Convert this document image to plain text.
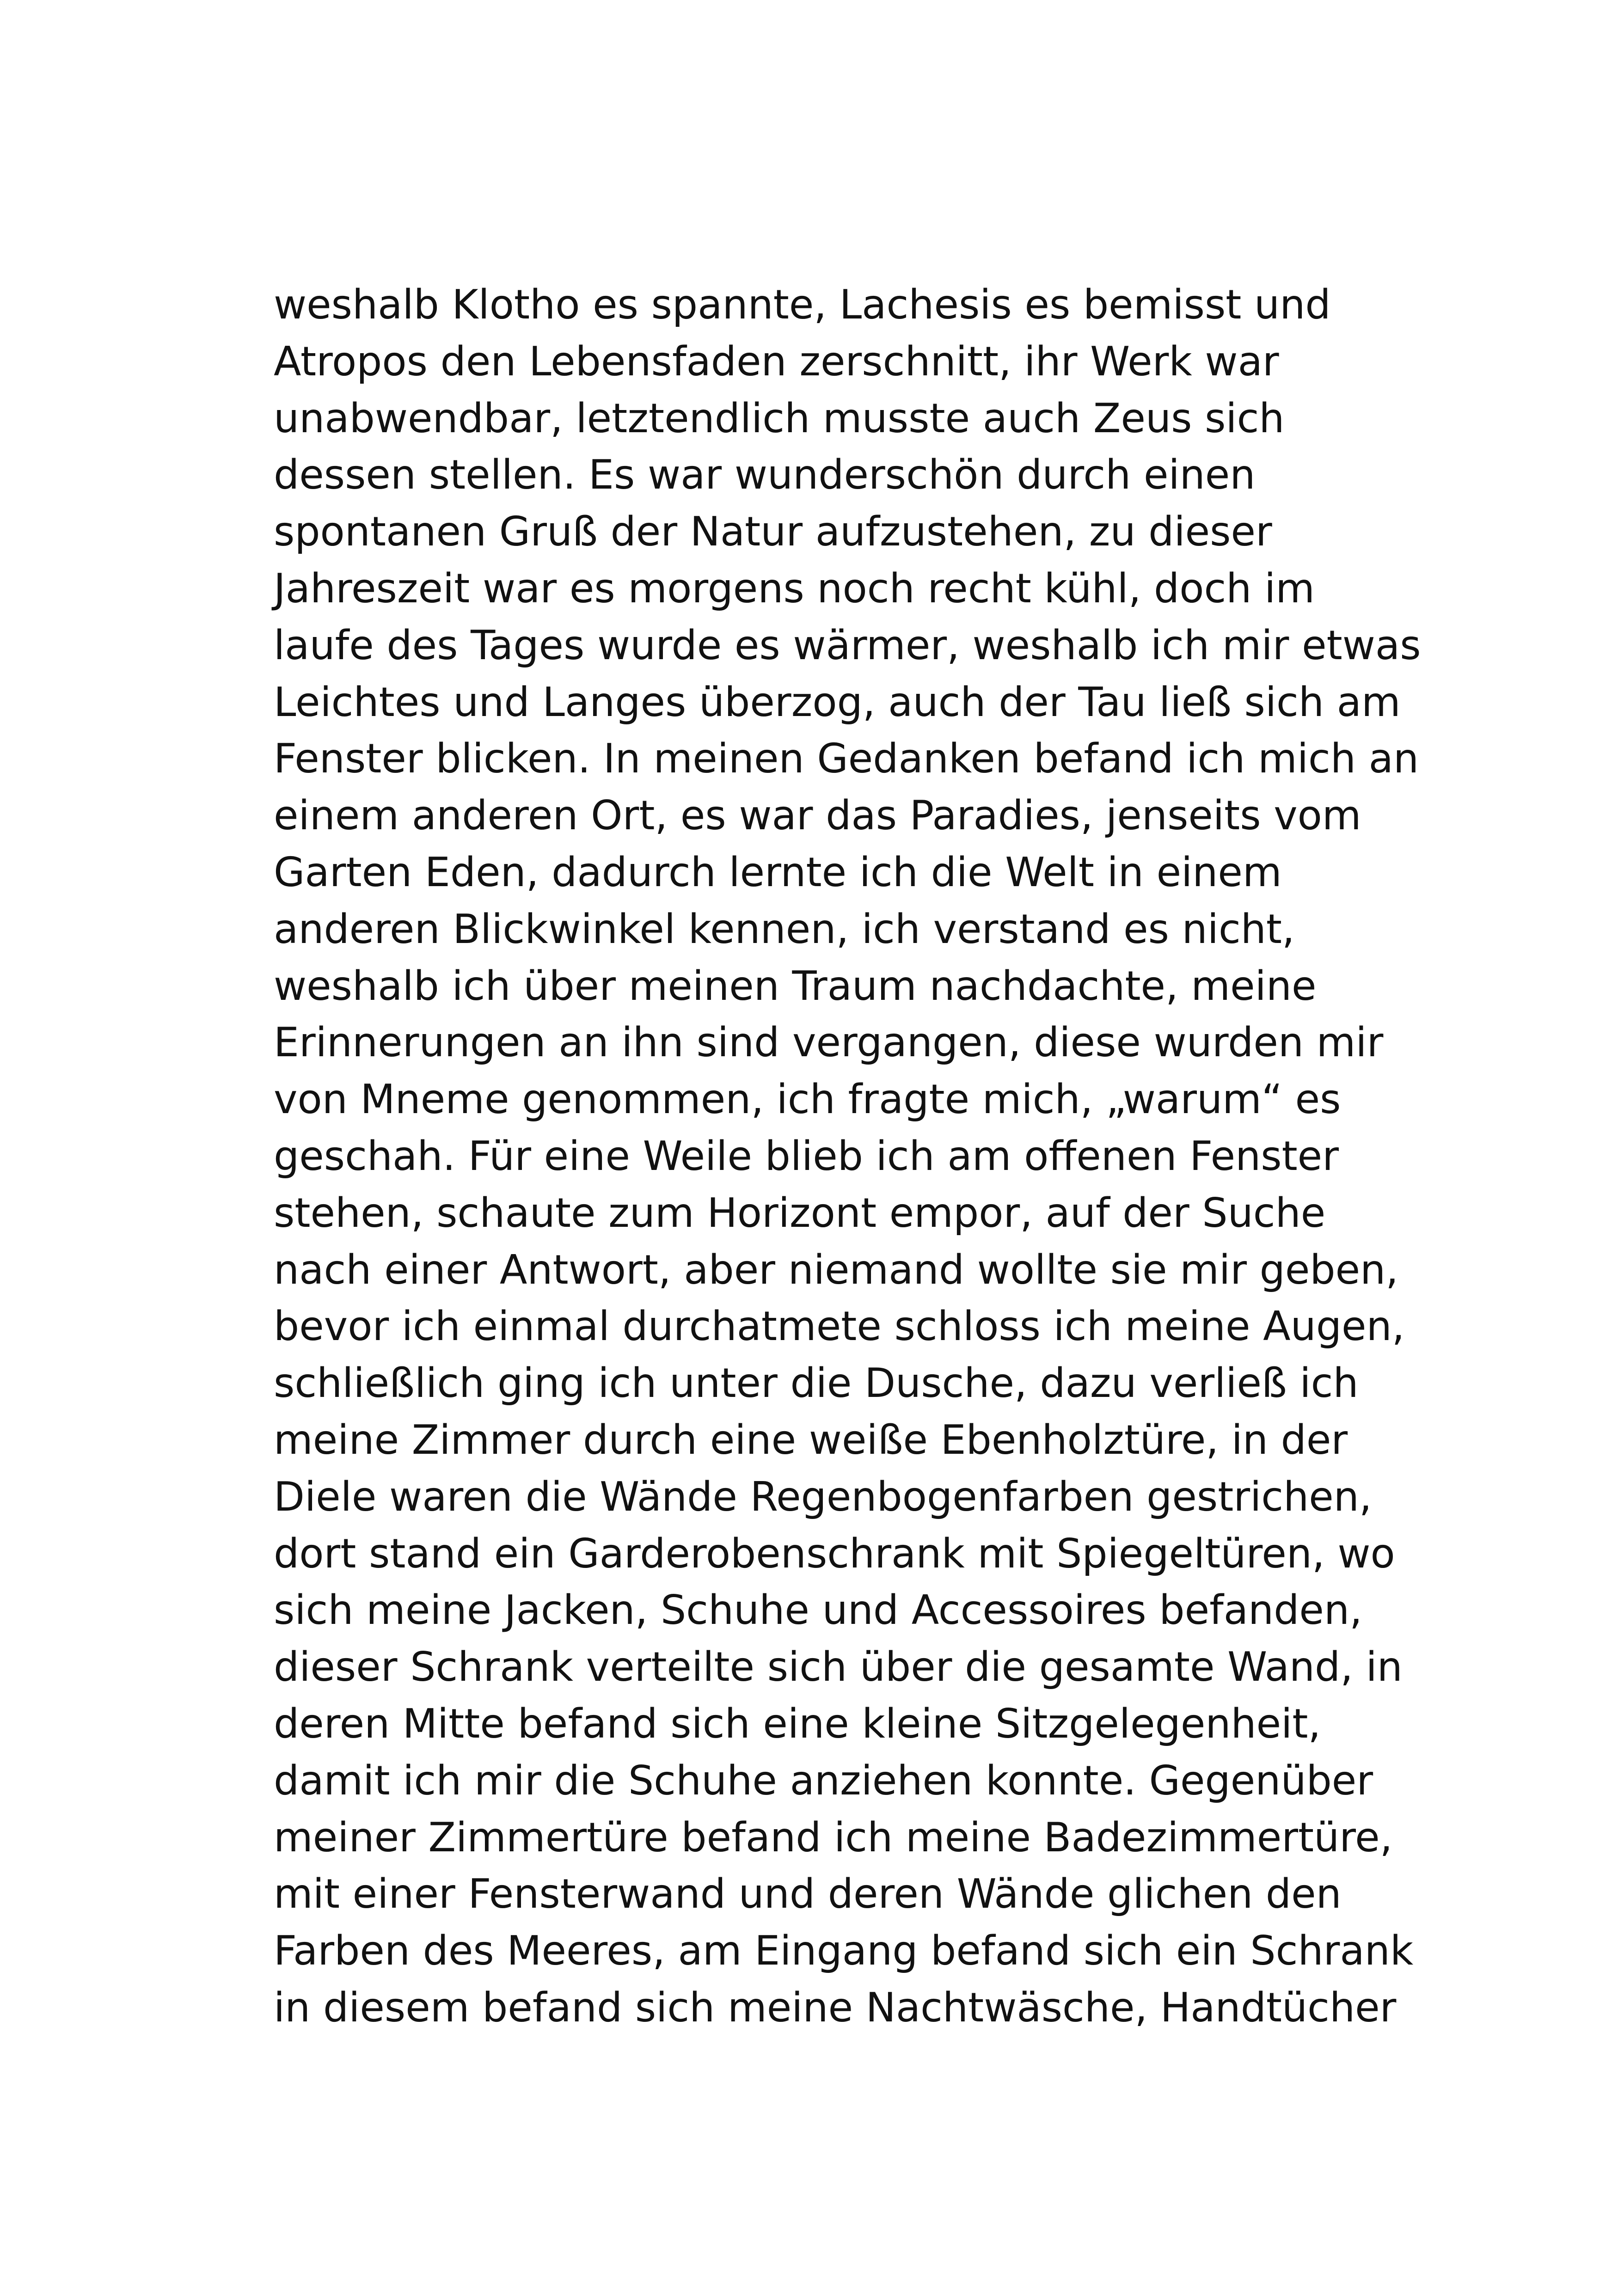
weshalb Klotho es spannte, Lachesis es bemisst und
Atropos den Lebensfaden zerschnitt, ihr Werk war
unabwendbar, letztendlich musste auch Zeus sich
dessen stellen. Es war wunderschön durch einen
spontanen Gruß der Natur aufzustehen, zu dieser
Jahreszeit war es morgens noch recht kühl, doch im
laufe des Tages wurde es wärmer, weshalb ich mir etwas
Leichtes und Langes überzog, auch der Tau ließ sich am
Fenster blicken. In meinen Gedanken befand ich mich an
einem anderen Ort, es war das Paradies, jenseits vom
Garten Eden, dadurch lernte ich die Welt in einem
anderen Blickwinkel kennen, ich verstand es nicht,
weshalb ich über meinen Traum nachdachte, meine
Erinnerungen an ihn sind vergangen, diese wurden mir
von Mneme genommen, ich fragte mich, „warum“ es
geschah. Für eine Weile blieb ich am offenen Fenster
stehen, schaute zum Horizont empor, auf der Suche
nach einer Antwort, aber niemand wollte sie mir geben,
bevor ich einmal durchatmete schloss ich meine Augen,
schließlich ging ich unter die Dusche, dazu verließ ich
meine Zimmer durch eine weiße Ebenholztüre, in der
Diele waren die Wände Regenbogenfarben gestrichen,
dort stand ein Garderobenschrank mit Spiegeltüren, wo
sich meine Jacken, Schuhe und Accessoires befanden,
dieser Schrank verteilte sich über die gesamte Wand, in
deren Mitte befand sich eine kleine Sitzgelegenheit,
damit ich mir die Schuhe anziehen konnte. Gegenüber
meiner Zimmertüre befand ich meine Badezimmertüre,
mit einer Fensterwand und deren Wände glichen den
Farben des Meeres, am Eingang befand sich ein Schrank
in diesem befand sich meine Nachtwäsche, Handtücher
